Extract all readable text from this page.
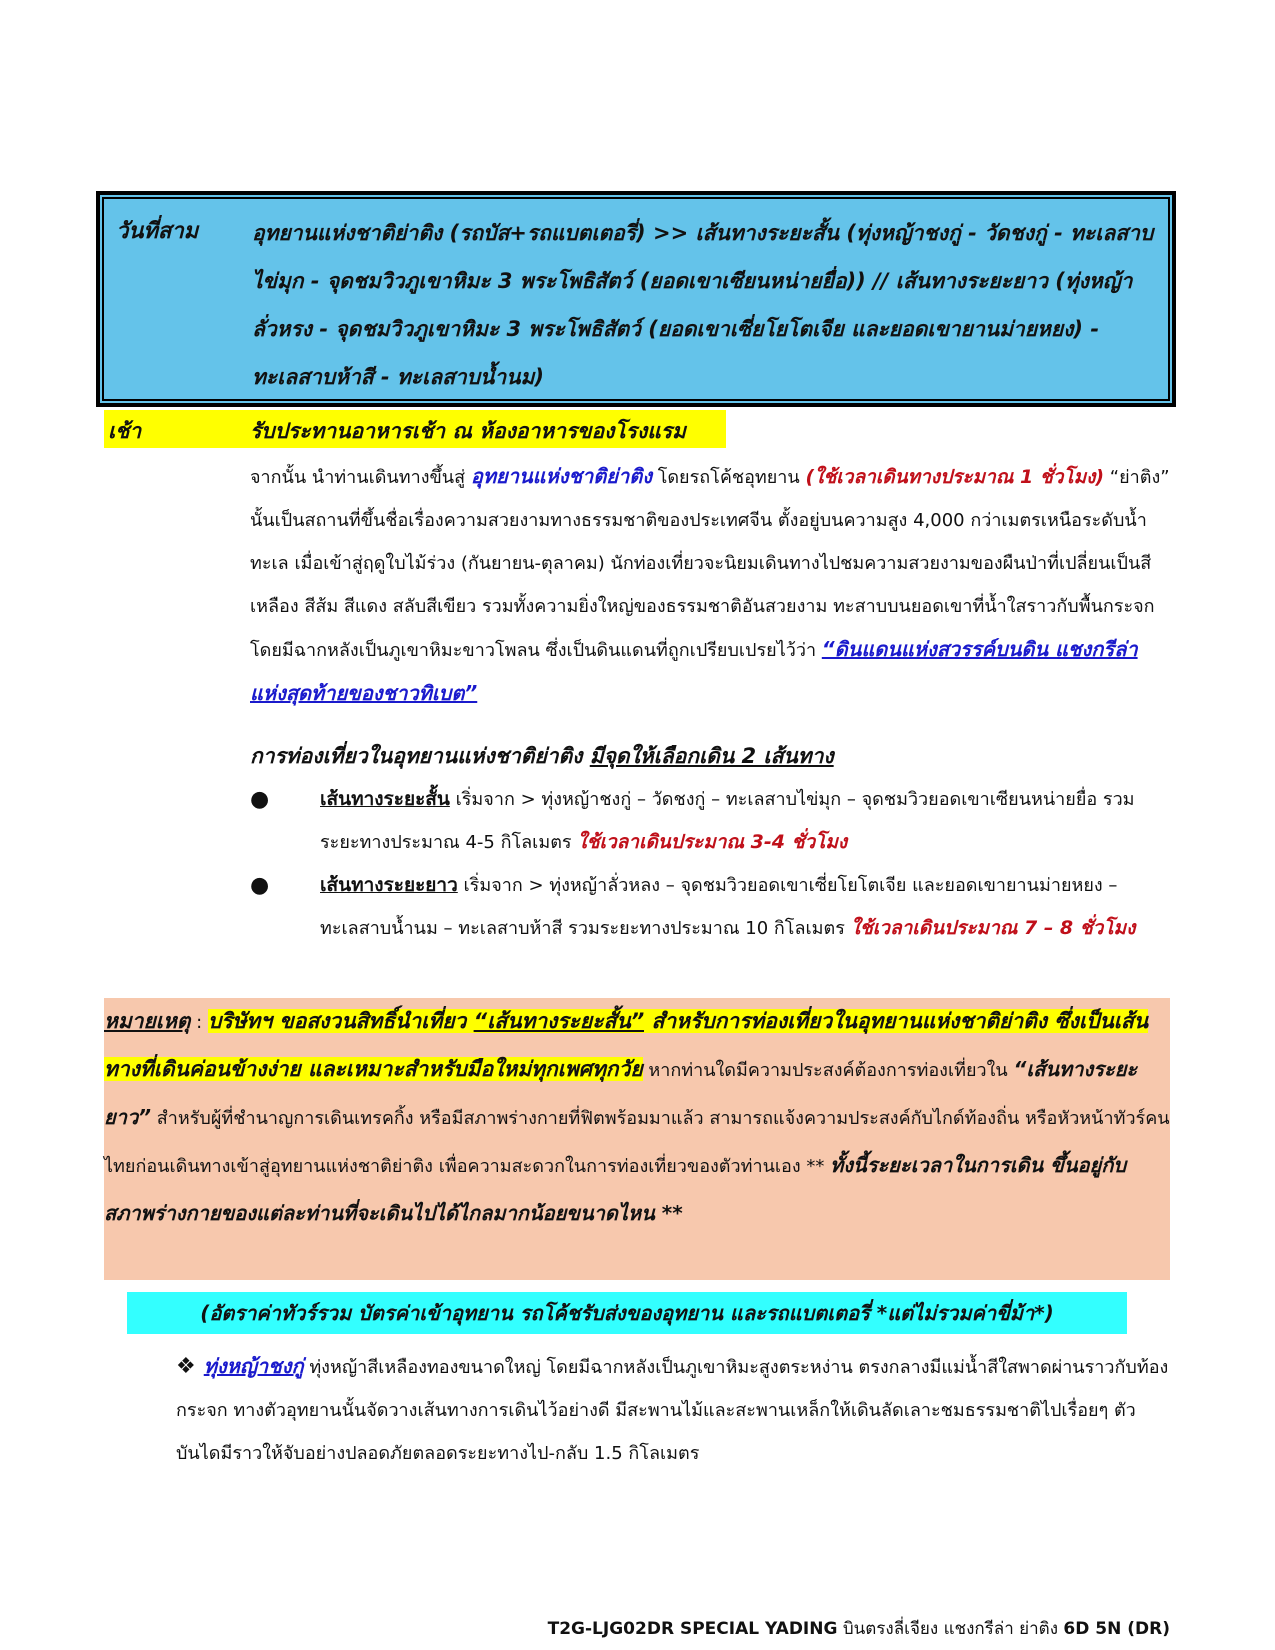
วันที่สาม	อุทยานแห่งชาติย่าติง (รถบัส+รถแบตเตอรี่) >> เส้นทางระยะสั้น (ทุ่งหญ้าชงกู่ - วัดชงกู่ - ทะเลสาบไข่มุก - จุดชมวิวภูเขาหิมะ 3 พระโพธิสัตว์ (ยอดเขาเซียนหน่ายยื่อ)) // เส้นทางระยะยาว (ทุ่งหญ้าลั่วหรง - จุดชมวิวภูเขาหิมะ 3 พระโพธิสัตว์ (ยอดเขาเซี่ยโยโตเจีย และยอดเขายานม่ายหยง) - ทะเลสาบห้าสี - ทะเลสาบน้ำนม)
เช้า	รับประทานอาหารเช้า ณ ห้องอาหารของโรงแรม
จากนั้น นำท่านเดินทางขึ้นสู่ อุทยานแห่งชาติย่าติง โดยรถโค้ชอุทยาน (ใช้เวลาเดินทางประมาณ 1 ชั่วโมง) “ย่าติง” นั้นเป็นสถานที่ขึ้นชื่อเรื่องความสวยงามทางธรรมชาติของประเทศจีน ตั้งอยู่บนความสูง 4,000 กว่าเมตรเหนือระดับน้ำทะเล เมื่อเข้าสู่ฤดูใบไม้ร่วง (กันยายน-ตุลาคม) นักท่องเที่ยวจะนิยมเดินทางไปชมความสวยงามของผืนป่าที่เปลี่ยนเป็นสีเหลือง สีส้ม สีแดง สลับสีเขียว รวมทั้งความยิ่งใหญ่ของธรรมชาติอันสวยงาม ทะสาบบนยอดเขาที่น้ำใสราวกับพื้นกระจก โดยมีฉากหลังเป็นภูเขาหิมะขาวโพลน ซึ่งเป็นดินแดนที่ถูกเปรียบเปรยไว้ว่า “ดินแดนแห่งสวรรค์บนดิน แชงกรีล่าแห่งสุดท้ายของชาวทิเบต”
การท่องเที่ยวในอุทยานแห่งชาติย่าติง มีจุดให้เลือกเดิน 2 เส้นทาง
●	เส้นทางระยะสั้น เริ่มจาก > ทุ่งหญ้าชงกู่ – วัดชงกู่ – ทะเลสาบไข่มุก – จุดชมวิวยอดเขาเซียนหน่ายยื่อ รวมระยะทางประมาณ 4-5 กิโลเมตร ใช้เวลาเดินประมาณ 3-4 ชั่วโมง
●	เส้นทางระยะยาว เริ่มจาก > ทุ่งหญ้าลั่วหลง – จุดชมวิวยอดเขาเซี่ยโยโตเจีย และยอดเขายานม่ายหยง – ทะเลสาบน้ำนม – ทะเลสาบห้าสี รวมระยะทางประมาณ 10 กิโลเมตร ใช้เวลาเดินประมาณ 7 – 8 ชั่วโมง
หมายเหตุ : บริษัทฯ ขอสงวนสิทธิ์นำเที่ยว “เส้นทางระยะสั้น” สำหรับการท่องเที่ยวในอุทยานแห่งชาติย่าติง ซึ่งเป็นเส้นทางที่เดินค่อนข้างง่าย และเหมาะสำหรับมือใหม่ทุกเพศทุกวัย หากท่านใดมีความประสงค์ต้องการท่องเที่ยวใน “เส้นทางระยะยาว” สำหรับผู้ที่ชำนาญการเดินเทรคกิ้ง หรือมีสภาพร่างกายที่ฟิตพร้อมมาแล้ว สามารถแจ้งความประสงค์กับไกด์ท้องถิ่น หรือหัวหน้าทัวร์คนไทยก่อนเดินทางเข้าสู่อุทยานแห่งชาติย่าติง เพื่อความสะดวกในการท่องเที่ยวของตัวท่านเอง ** ทั้งนี้ระยะเวลาในการเดิน ขึ้นอยู่กับสภาพร่างกายของแต่ละท่านที่จะเดินไปได้ไกลมากน้อยขนาดไหน **
(อัตราค่าทัวร์รวม บัตรค่าเข้าอุทยาน รถโค้ชรับส่งของอุทยาน และรถแบตเตอรี่ *แต่ไม่รวมค่าขี่ม้า*)
❖ ทุ่งหญ้าชงกู่ ทุ่งหญ้าสีเหลืองทองขนาดใหญ่ โดยมีฉากหลังเป็นภูเขาหิมะสูงตระหง่าน ตรงกลางมีแม่น้ำสีใสพาดผ่านราวกับท้องกระจก ทางตัวอุทยานนั้นจัดวางเส้นทางการเดินไว้อย่างดี มีสะพานไม้และสะพานเหล็กให้เดินลัดเลาะชมธรรมชาติไปเรื่อยๆ ตัวบันไดมีราวให้จับอย่างปลอดภัยตลอดระยะทางไป-กลับ 1.5 กิโลเมตร
T2G-LJG02DR SPECIAL YADING บินตรงลี่เจียง แชงกรีล่า ย่าติง 6D 5N (DR)
